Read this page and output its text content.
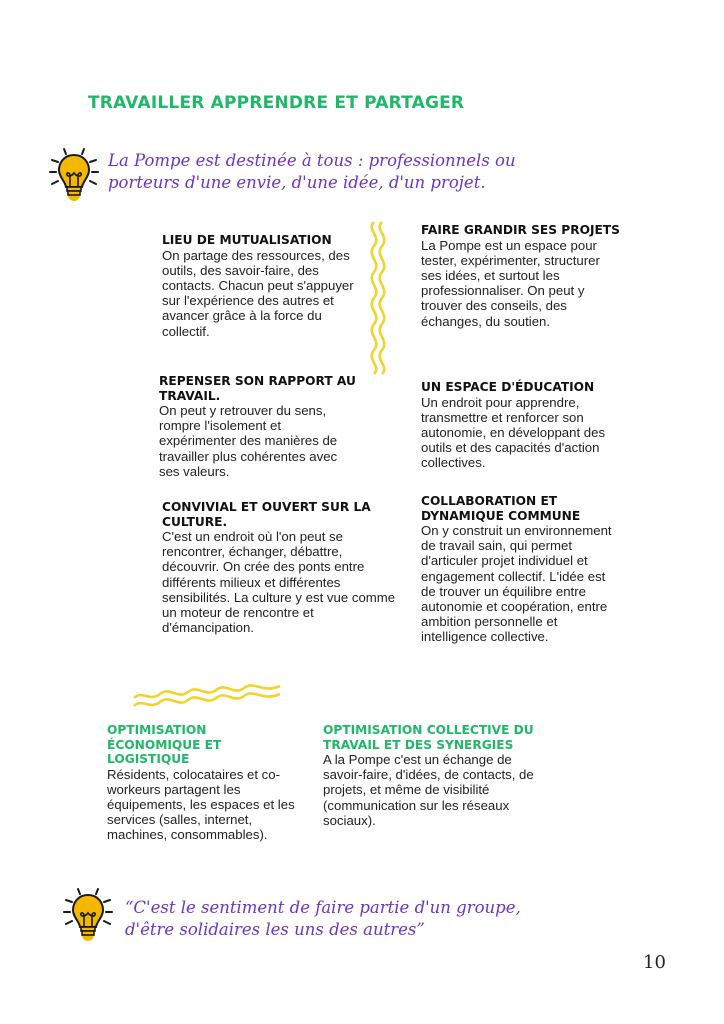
TRAVAILLER APPRENDRE ET PARTAGER
La Pompe est destinée à tous : professionnels ou porteurs d'une envie, d'une idée, d'un projet.
LIEU DE MUTUALISATION
On partage des ressources, des outils, des savoir-faire, des contacts. Chacun peut s'appuyer sur l'expérience des autres et avancer grâce à la force du collectif.
FAIRE GRANDIR SES PROJETS
La Pompe est un espace pour tester, expérimenter, structurer ses idées, et surtout les professionnaliser. On peut y trouver des conseils, des échanges, du soutien.
REPENSER SON RAPPORT AU TRAVAIL.
On peut y retrouver du sens, rompre l'isolement et expérimenter des manières de travailler plus cohérentes avec ses valeurs.
UN ESPACE D'ÉDUCATION
Un endroit pour apprendre, transmettre et renforcer son autonomie, en développant des outils et des capacités d'action collectives.
CONVIVIAL ET OUVERT SUR LA CULTURE.
C'est un endroit où l'on peut se rencontrer, échanger, débattre, découvrir. On crée des ponts entre différents milieux et différentes sensibilités. La culture y est vue comme un moteur de rencontre et d'émancipation.
COLLABORATION ET DYNAMIQUE COMMUNE
On y construit un environnement de travail sain, qui permet d'articuler projet individuel et engagement collectif. L'idée est de trouver un équilibre entre autonomie et coopération, entre ambition personnelle et intelligence collective.
OPTIMISATION ÉCONOMIQUE ET LOGISTIQUE
Résidents, colocataires et co-workeurs partagent les équipements, les espaces et les services (salles, internet, machines, consommables).
OPTIMISATION COLLECTIVE DU TRAVAIL ET DES SYNERGIES
A la Pompe c'est un échange de savoir-faire, d'idées, de contacts, de projets, et même de visibilité (communication sur les réseaux sociaux).
“C'est le sentiment de faire partie d'un groupe, d'être solidaires les uns des autres”
10
